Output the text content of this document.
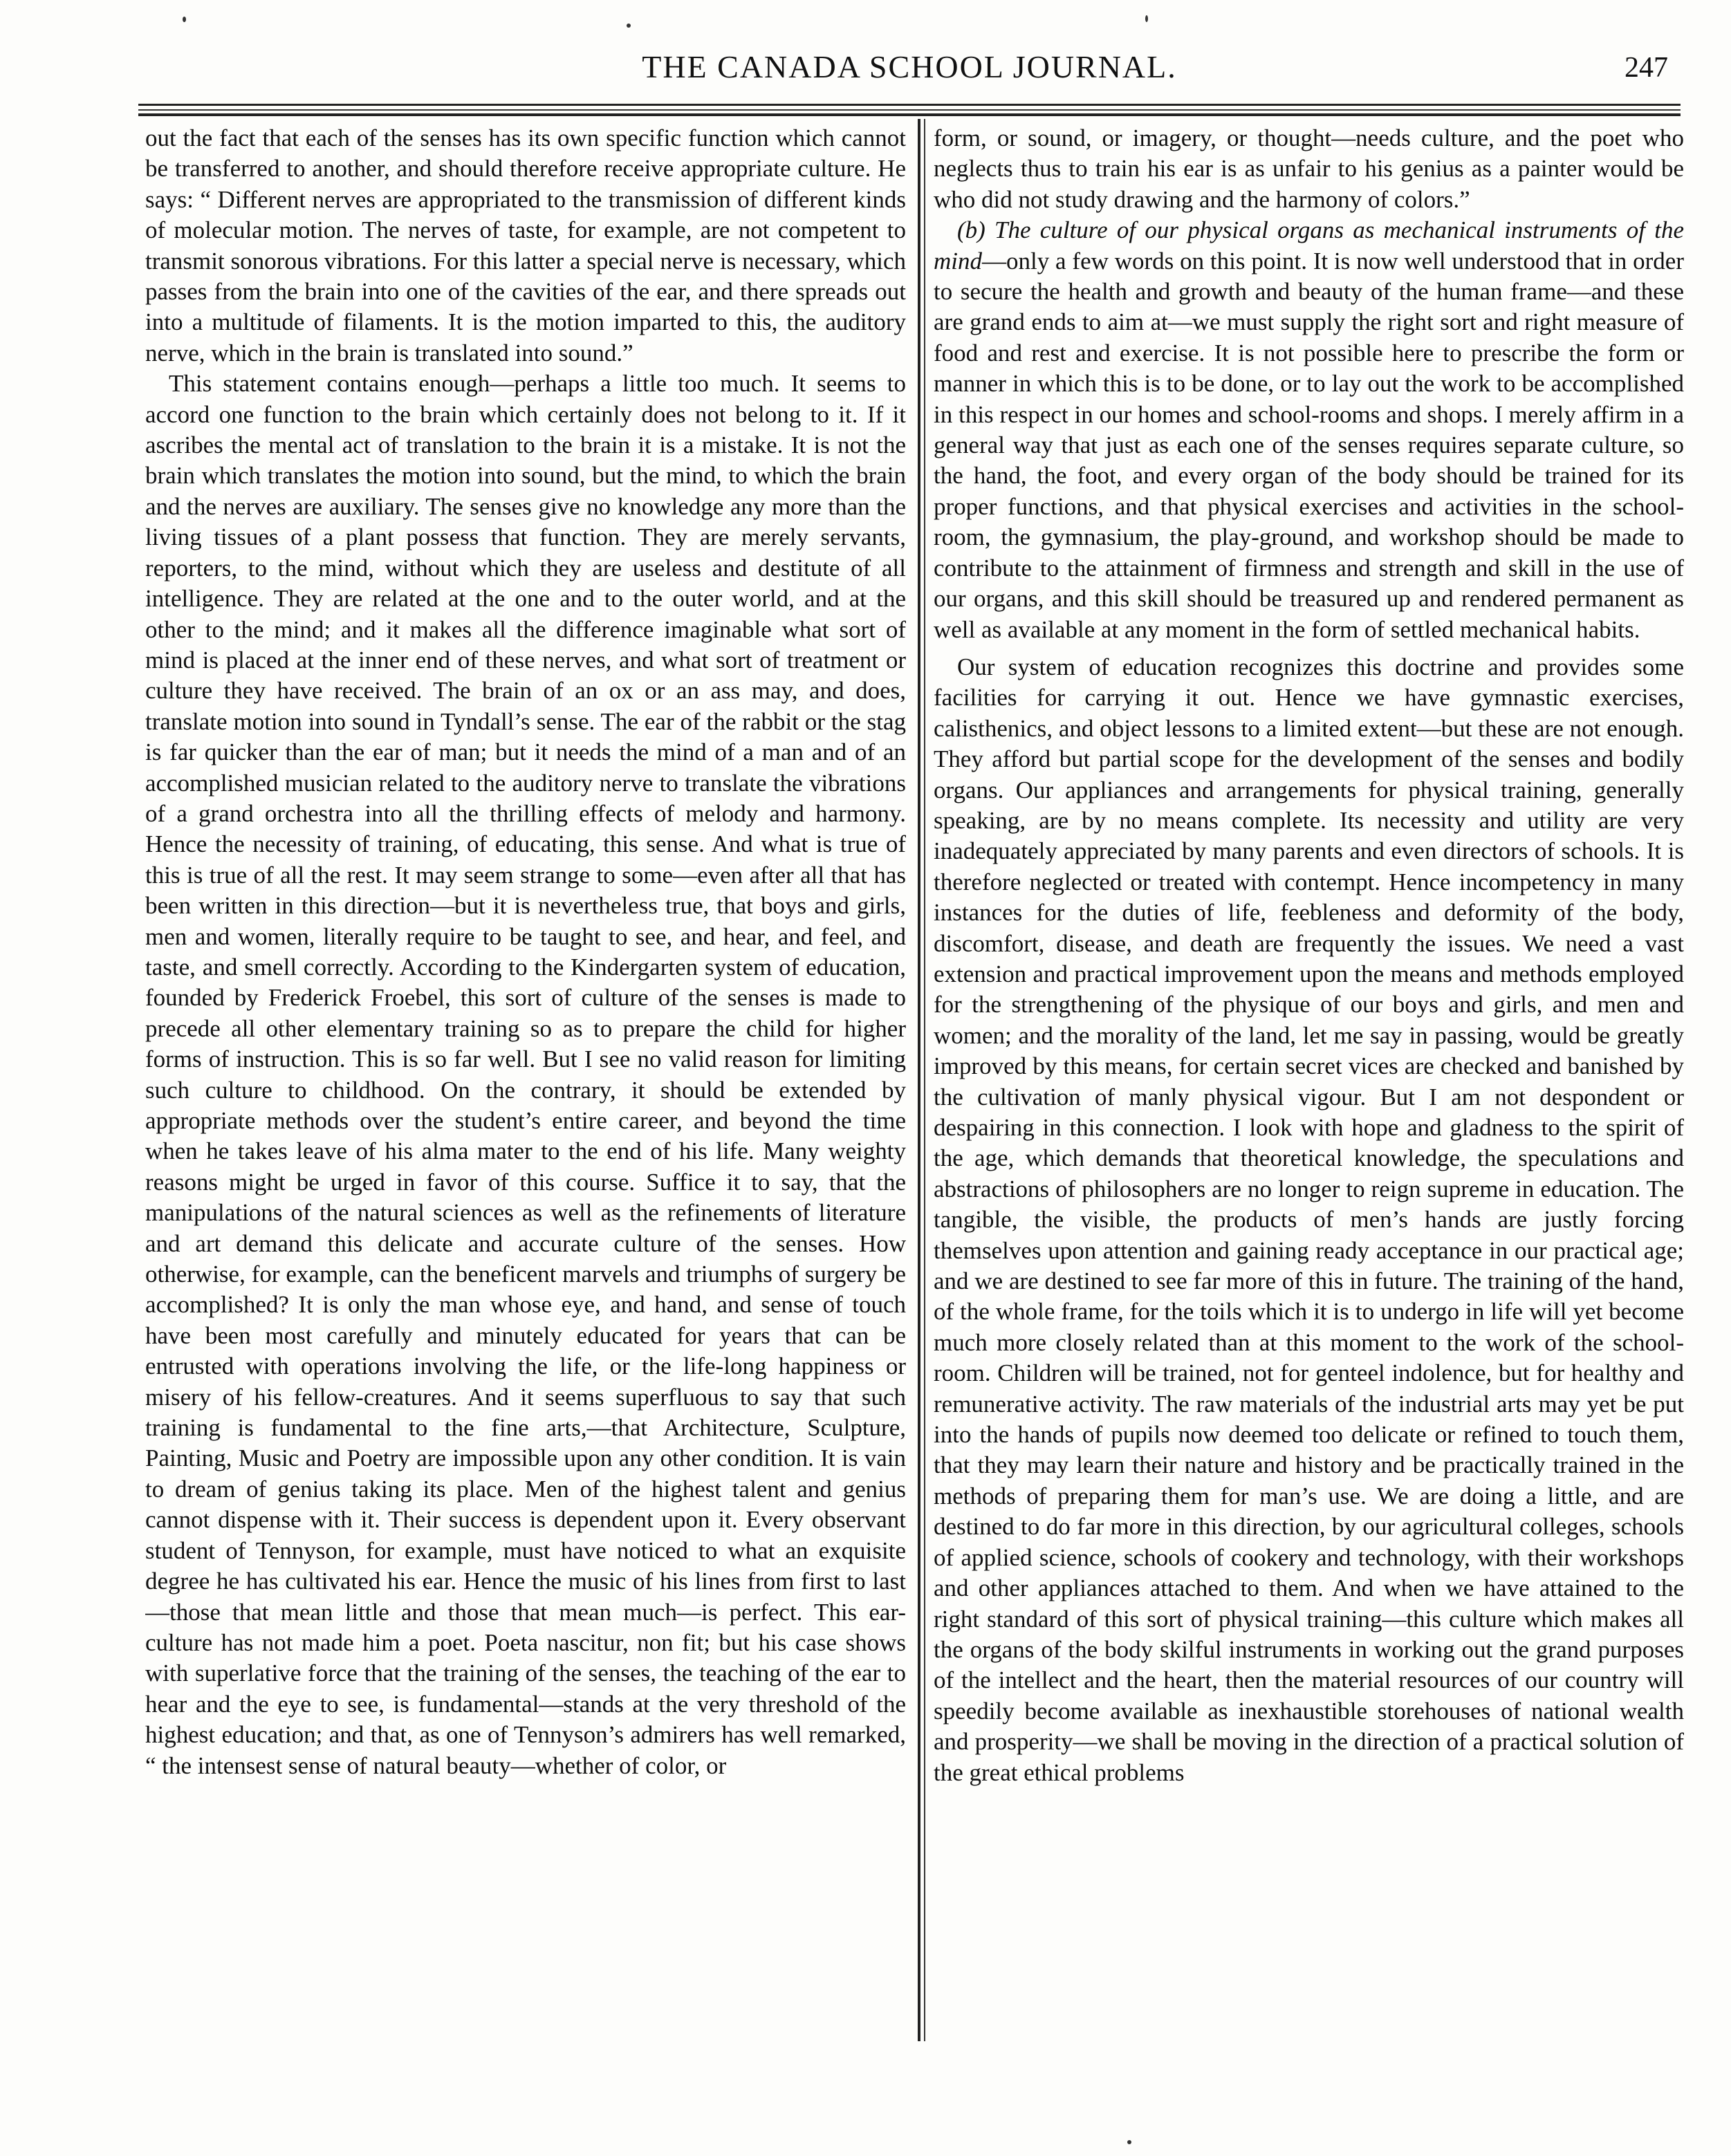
THE CANADA SCHOOL JOURNAL.	247

out the fact that each of the senses has its own specific function which cannot be transferred to another, and should therefore receive appropriate culture. He says: “ Different nerves are appropriated to the transmission of different kinds of molecular motion. The nerves of taste, for example, are not competent to transmit sonorous vibrations. For this latter a special nerve is necessary, which passes from the brain into one of the cavities of the ear, and there spreads out into a multitude of filaments. It is the motion imparted to this, the auditory nerve, which in the brain is translated into sound.”

This statement contains enough—perhaps a little too much. It seems to accord one function to the brain which certainly does not belong to it. If it ascribes the mental act of translation to the brain it is a mistake. It is not the brain which translates the motion into sound, but the mind, to which the brain and the nerves are auxiliary. The senses give no knowledge any more than the living tissues of a plant possess that function. They are merely servants, reporters, to the mind, without which they are useless and destitute of all intelligence. They are related at the one and to the outer world, and at the other to the mind; and it makes all the difference imaginable what sort of mind is placed at the inner end of these nerves, and what sort of treatment or culture they have received. The brain of an ox or an ass may, and does, translate motion into sound in Tyndall’s sense. The ear of the rabbit or the stag is far quicker than the ear of man; but it needs the mind of a man and of an accomplished musician related to the auditory nerve to translate the vibrations of a grand orchestra into all the thrilling effects of melody and harmony. Hence the necessity of training, of educating, this sense. And what is true of this is true of all the rest. It may seem strange to some—even after all that has been written in this direction—but it is nevertheless true, that boys and girls, men and women, literally require to be taught to see, and hear, and feel, and taste, and smell correctly. According to the Kindergarten system of education, founded by Frederick Froebel, this sort of culture of the senses is made to precede all other elementary training so as to prepare the child for higher forms of instruction. This is so far well. But I see no valid reason for limiting such culture to childhood. On the contrary, it should be extended by appropriate methods over the student’s entire career, and beyond the time when he takes leave of his alma mater to the end of his life. Many weighty reasons might be urged in favor of this course. Suffice it to say, that the manipulations of the natural sciences as well as the refinements of literature and art demand this delicate and accurate culture of the senses. How otherwise, for example, can the beneficent marvels and triumphs of surgery be accomplished? It is only the man whose eye, and hand, and sense of touch have been most carefully and minutely educated for years that can be entrusted with operations involving the life, or the life-long happiness or misery of his fellow-creatures. And it seems superfluous to say that such training is fundamental to the fine arts,—that Architecture, Sculpture, Painting, Music and Poetry are impossible upon any other condition. It is vain to dream of genius taking its place. Men of the highest talent and genius cannot dispense with it. Their success is dependent upon it. Every observant student of Tennyson, for example, must have noticed to what an exquisite degree he has cultivated his ear. Hence the music of his lines from first to last—those that mean little and those that mean much—is perfect. This ear-culture has not made him a poet. Poeta nascitur, non fit; but his case shows with superlative force that the training of the senses, the teaching of the ear to hear and the eye to see, is fundamental—stands at the very threshold of the highest education; and that, as one of Tennyson’s admirers has well remarked, “ the intensest sense of natural beauty—whether of color, or

form, or sound, or imagery, or thought—needs culture, and the poet who neglects thus to train his ear is as unfair to his genius as a painter would be who did not study drawing and the harmony of colors.”

(b) The culture of our physical organs as mechanical instruments of the mind—only a few words on this point. It is now well understood that in order to secure the health and growth and beauty of the human frame—and these are grand ends to aim at—we must supply the right sort and right measure of food and rest and exercise. It is not possible here to prescribe the form or manner in which this is to be done, or to lay out the work to be accomplished in this respect in our homes and school-rooms and shops. I merely affirm in a general way that just as each one of the senses requires separate culture, so the hand, the foot, and every organ of the body should be trained for its proper functions, and that physical exercises and activities in the school-room, the gymnasium, the play-ground, and workshop should be made to contribute to the attainment of firmness and strength and skill in the use of our organs, and this skill should be treasured up and rendered permanent as well as available at any moment in the form of settled mechanical habits.

Our system of education recognizes this doctrine and provides some facilities for carrying it out. Hence we have gymnastic exercises, calisthenics, and object lessons to a limited extent—but these are not enough. They afford but partial scope for the development of the senses and bodily organs. Our appliances and arrangements for physical training, generally speaking, are by no means complete. Its necessity and utility are very inadequately appreciated by many parents and even directors of schools. It is therefore neglected or treated with contempt. Hence incompetency in many instances for the duties of life, feebleness and deformity of the body, discomfort, disease, and death are frequently the issues. We need a vast extension and practical improvement upon the means and methods employed for the strengthening of the physique of our boys and girls, and men and women; and the morality of the land, let me say in passing, would be greatly improved by this means, for certain secret vices are checked and banished by the cultivation of manly physical vigour. But I am not despondent or despairing in this connection. I look with hope and gladness to the spirit of the age, which demands that theoretical knowledge, the speculations and abstractions of philosophers are no longer to reign supreme in education. The tangible, the visible, the products of men’s hands are justly forcing themselves upon attention and gaining ready acceptance in our practical age; and we are destined to see far more of this in future. The training of the hand, of the whole frame, for the toils which it is to undergo in life will yet become much more closely related than at this moment to the work of the school-room. Children will be trained, not for genteel indolence, but for healthy and remunerative activity. The raw materials of the industrial arts may yet be put into the hands of pupils now deemed too delicate or refined to touch them, that they may learn their nature and history and be practically trained in the methods of preparing them for man’s use. We are doing a little, and are destined to do far more in this direction, by our agricultural colleges, schools of applied science, schools of cookery and technology, with their workshops and other appliances attached to them. And when we have attained to the right standard of this sort of physical training—this culture which makes all the organs of the body skilful instruments in working out the grand purposes of the intellect and the heart, then the material resources of our country will speedily become available as inexhaustible storehouses of national wealth and prosperity—we shall be moving in the direction of a practical solution of the great ethical problems
